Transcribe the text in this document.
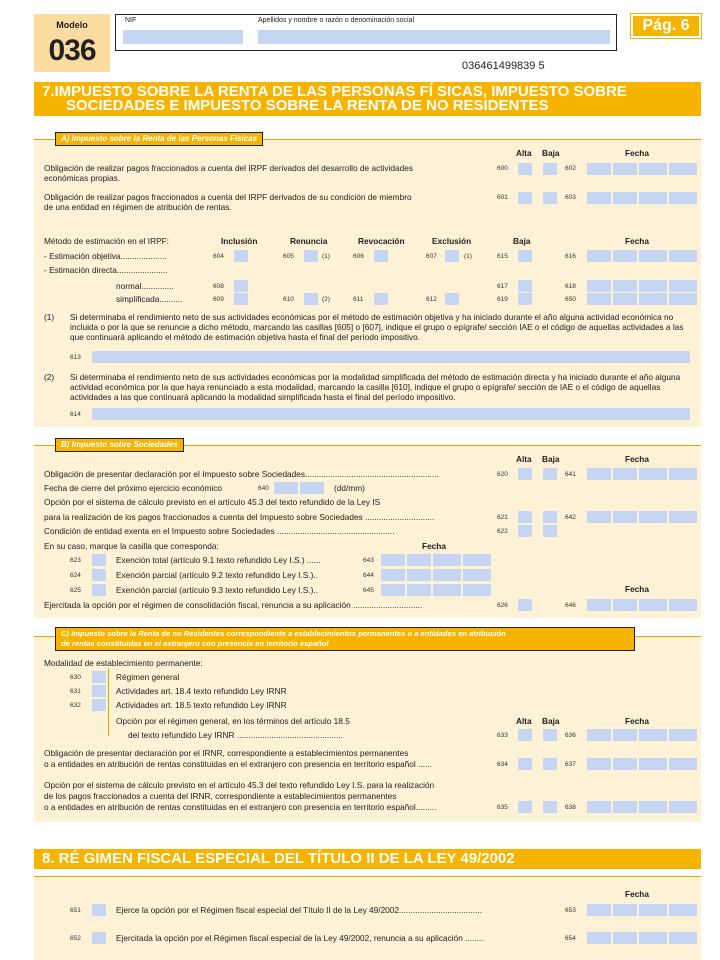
Modelo
036
NIF	Apellidos y nombre o razón o denominación social	Pág. 6
036461499839 5
7.IMPUESTO SOBRE LA RENTA DE LAS PERSONAS FÍ SICAS, IMPUESTO SOBRE
SOCIEDADES E IMPUESTO SOBRE LA RENTA DE NO RESIDENTES
A) Impuesto sobre la Renta de las Personas Físicas
Alta Baja	Fecha
Obligación de realizar pagos fraccionados a cuenta del IRPF derivados del desarrollo de actividades
económicas propias.
600	602
Obligación de realizar pagos fraccionados a cuenta del IRPF derivados de su condición de miembro
de una entidad en régimen de atribución de rentas.
601	603
Método de estimación en el IRPF:	Inclusión	Renuncia	Revocación	Exclusión	Baja	Fecha
- Estimación objetiva....................	604	605	(1)	606	607	(1)	615	616
- Estimación directa......................
normal..............	608	617	618
simplificada..........	609	610	(2)	611	612	619	650
(1) Si determinaba el rendimiento neto de sus actividades económicas por el método de estimación objetiva y ha iniciado durante el año alguna actividad económica no incluida o por la que se renuncie a dicho método, marcando las casillas [605] o [607], indique el grupo o epígrafe/ sección IAE o el código de aquellas actividades a las que continuará aplicando el método de estimación objetiva hasta el final del período impositivo.
613
(2) Si determinaba el rendimiento neto de sus actividades económicas por la modalidad simplificada del método de estimación directa y ha iniciado durante el año alguna actividad económica por la que haya renunciado a esta modalidad, marcando la casilla [610], indique el grupo o epígrafe/ sección de IAE o el código de aquellas actividades a las que continuará aplicando la modalidad simplificada hasta el final del período impositivo.
614
B) Impuesto sobre Sociedades
Alta Baja	Fecha
Obligación de presentar declaración por el Impuesto sobre Sociedades..........................................................	620	641
Fecha de cierre del próximo ejercicio económico	640	(dd/mm)
Opción por el sistema de cálculo previsto en el artículo 45.3 del texto refundido de la Ley IS
para la realización de los pagos fraccionados a cuenta del Impuesto sobre Sociedades ..............................	621	642
Condición de entidad exenta en el Impuesto sobre Sociedades ...................................................	622
En su caso, marque la casilla que corresponda:	Fecha
623	Exención total (artículo 9.1 texto refundido Ley I.S.) ......	643
624	Exención parcial (artículo 9.2 texto refundido Ley I.S.)..	644
625	Exención parcial (artículo 9.3 texto refundido Ley I.S.)..	645	Fecha
Ejercitada la opción por el régimen de consolidación fiscal, renuncia a su aplicación ..............................	626	646
C) Impuesto sobre la Renta de no Residentes correspondiente a establecimientos permanentes o a entidades en atribución
de rentas constituidas en el extranjero con presencia en territorio español
Modalidad de establecimiento permanente:
630	Régimen general
631	Actividades art. 18.4 texto refundido Ley IRNR
632	Actividades art. 18.5 texto refundido Ley IRNR
Opción por el régimen general, en los términos del artículo 18.5
del texto refundido Ley IRNR ..............................................
Alta Baja	Fecha
633	636
Obligación de presentar declaración por el IRNR, correspondiente a establecimientos permanentes
o a entidades en atribución de rentas constituidas en el extranjero con presencia en territorio español ......	634	637
Opción por el sistema de cálculo previsto en el artículo 45.3 del texto refundido Ley I.S. para la realización
de los pagos fraccionados a cuenta del IRNR, correspondiente a establecimientos permanentes
o a entidades en atribución de rentas constituidas en el extranjero con presencia en territorio español.........	635	638
8. RÉ GIMEN FISCAL ESPECIAL DEL TÍTULO II DE LA LEY 49/2002
Fecha
651	Ejerce la opción por el Régimen fiscal especial del Título II de la Ley 49/2002....................................	653
652	Ejercitada la opción por el Régimen fiscal especial de la Ley 49/2002, renuncia a su aplicación ........	654
